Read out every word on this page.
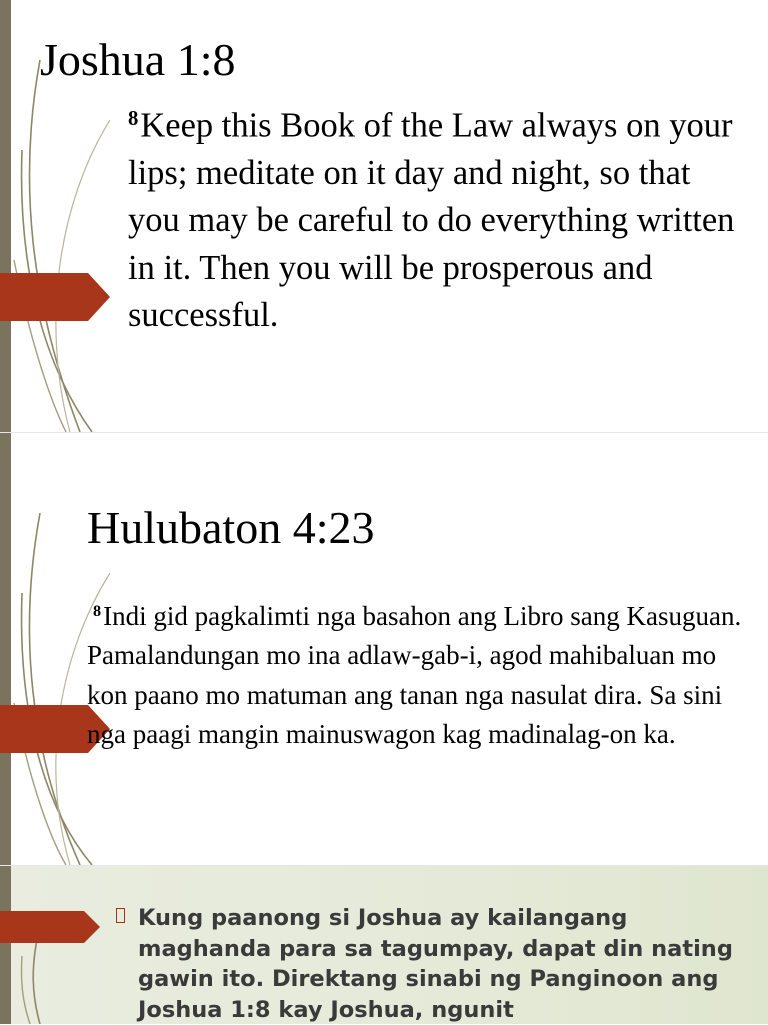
Joshua 1:8

$^8$Keep this Book of the Law always on your lips; meditate on it day and night, so that you may be careful to do everything written in it. Then you will be prosperous and successful.

Hulubaton 4:23

$^8$Indi gid pagkalimti nga basahon ang Libro sang Kasuguan. Pamalandungan mo ina adlaw-gab-i, agod mahibaluan mo kon paano mo matuman ang tanan nga nasulat dira. Sa sini nga paagi mangin mainuswagon kag madinalag-on ka.

Kung paanong si Joshua ay kailangang maghanda para sa tagumpay, dapat din nating gawin ito. Direktang sinabi ng Panginoon ang Joshua 1:8 kay Joshua, ngunit
